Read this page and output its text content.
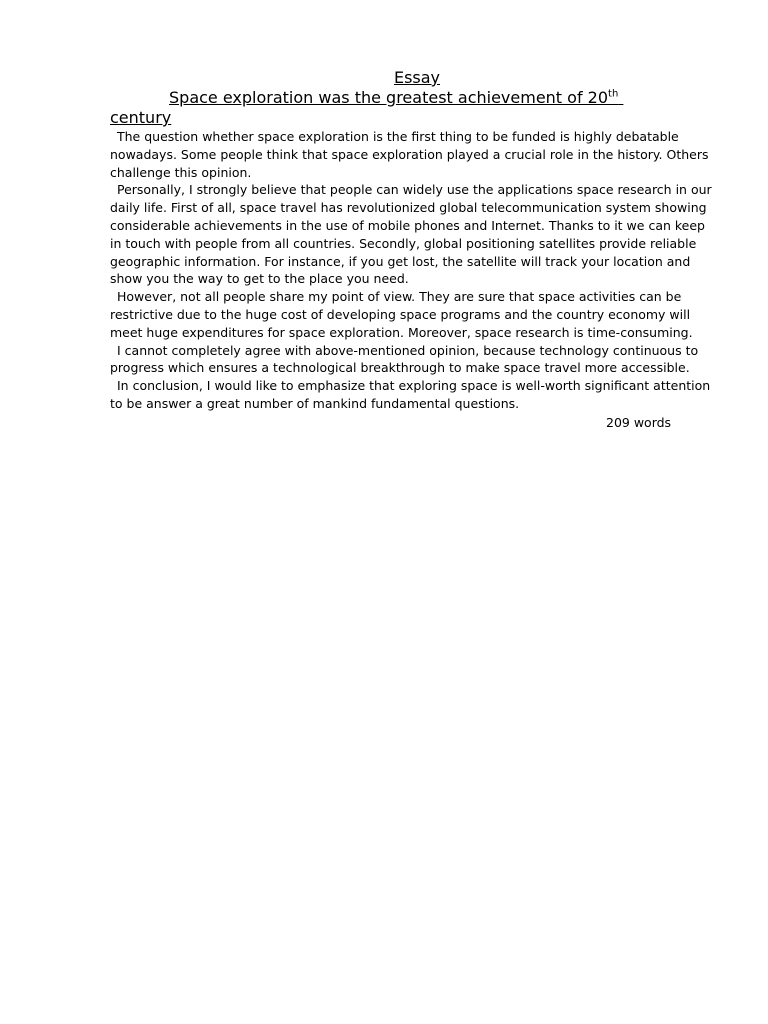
Essay
Space exploration was the greatest achievement of 20th
century

The question whether space exploration is the first thing to be funded is highly debatable nowadays. Some people think that space exploration played a crucial role in the history. Others challenge this opinion.

Personally, I strongly believe that people can widely use the applications space research in our daily life. First of all, space travel has revolutionized global telecommunication system showing considerable achievements in the use of mobile phones and Internet. Thanks to it we can keep in touch with people from all countries. Secondly, global positioning satellites provide reliable geographic information. For instance, if you get lost, the satellite will track your location and show you the way to get to the place you need.

However, not all people share my point of view. They are sure that space activities can be restrictive due to the huge cost of developing space programs and the country economy will meet huge expenditures for space exploration. Moreover, space research is time-consuming.

I cannot completely agree with above-mentioned opinion, because technology continuous to progress which ensures a technological breakthrough to make space travel more accessible.

In conclusion, I would like to emphasize that exploring space is well-worth significant attention to be answer a great number of mankind fundamental questions.

209 words
